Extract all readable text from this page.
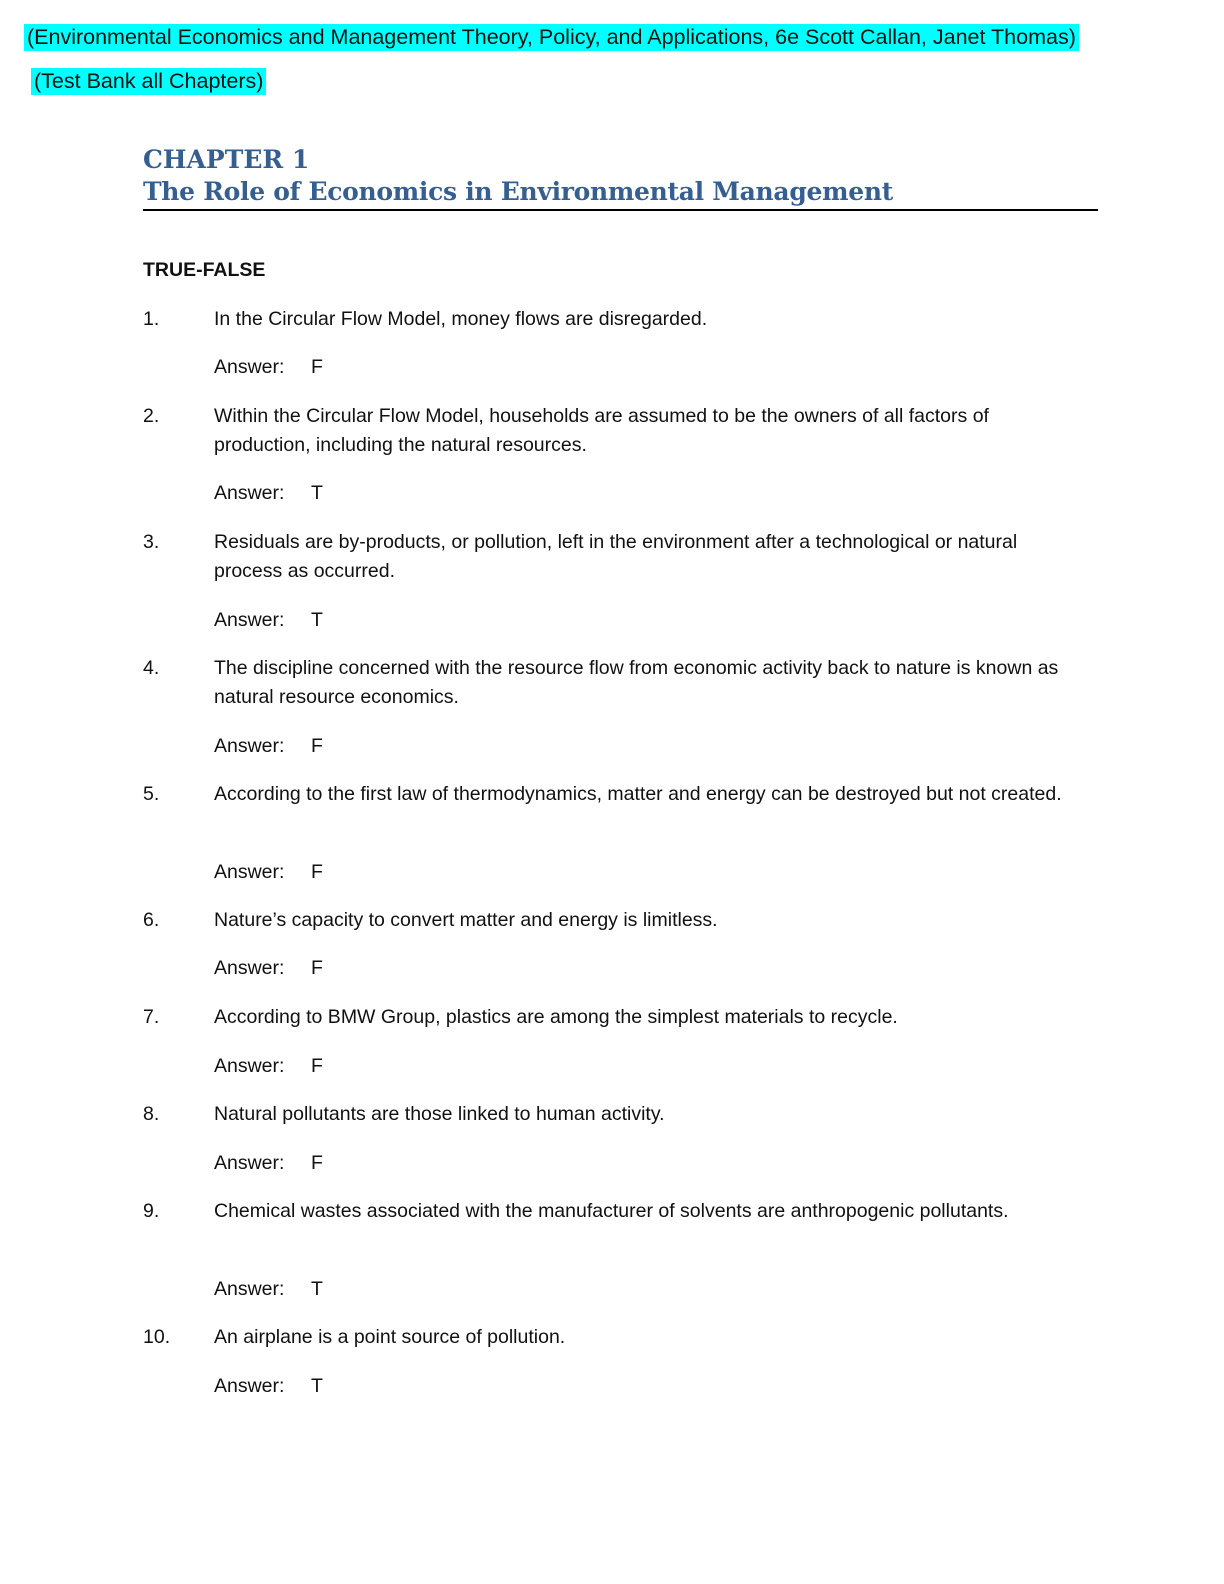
(Environmental Economics and Management Theory, Policy, and Applications, 6e Scott Callan, Janet Thomas)
(Test Bank all Chapters)
CHAPTER 1
The Role of Economics in Environmental Management
TRUE-FALSE
1.	In the Circular Flow Model, money flows are disregarded.
Answer: F
2.	Within the Circular Flow Model, households are assumed to be the owners of all factors of production, including the natural resources.
Answer: T
3.	Residuals are by-products, or pollution, left in the environment after a technological or natural process as occurred.
Answer: T
4.	The discipline concerned with the resource flow from economic activity back to nature is known as natural resource economics.
Answer: F
5.	According to the first law of thermodynamics, matter and energy can be destroyed but not created.
Answer: F
6.	Nature’s capacity to convert matter and energy is limitless.
Answer: F
7.	According to BMW Group, plastics are among the simplest materials to recycle.
Answer: F
8.	Natural pollutants are those linked to human activity.
Answer: F
9.	Chemical wastes associated with the manufacturer of solvents are anthropogenic pollutants.
Answer: T
10.	An airplane is a point source of pollution.
Answer: T
